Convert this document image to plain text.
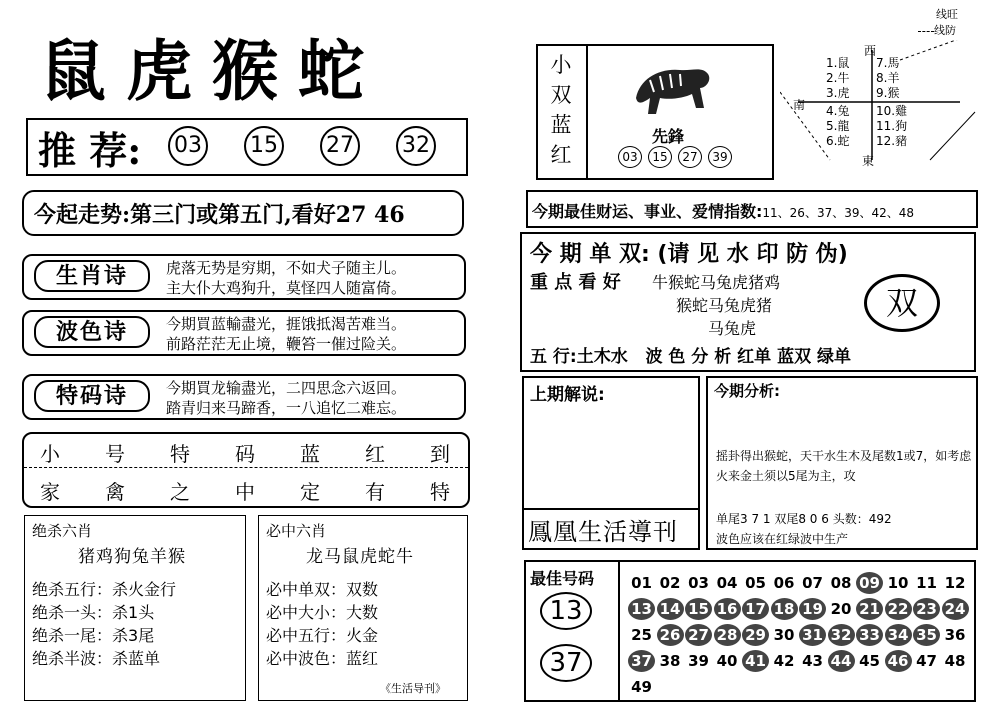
鼠虎猴蛇
推 荐: 03 15 27 32
今起走势:第三门或第五门,看好27 46
生肖诗	虎落无势是穷期，不如犬子随主儿。
主大仆大鸡狗升，莫怪四人随富倚。
波色诗	今期買蓝輸盡光，捱饿抵渴苦难当。
前路茫茫无止境，鞭笞一催过险关。
特码诗	今期買龙输盡光，二四思念六返回。
踏青归来马蹄香，一八追忆二难忘。
小 号 特 码 蓝 红 到
家 禽 之 中 定 有 特
绝杀六肖
猪鸡狗兔羊猴
绝杀五行：杀火金行
绝杀一头：杀1头
绝杀一尾：杀3尾
绝杀半波：杀蓝单
必中六肖
龙马鼠虎蛇牛
必中单双：双数
必中大小：大数
必中五行：火金
必中波色：蓝红
《生活导刊》
线旺
线防
小
双
蓝
红
先鋒
03	15	27	39
西
南
東
1.鼠
2.牛
3.虎
7.馬
8.羊
9.猴
4.兔
5.龍
6.蛇
10.雞
11.狗
12.豬
今期最佳财运、事业、爱情指数:11、26、37、39、42、48
今 期 单 双: (请 见 水 印 防 伪)
重 点 看 好 牛猴蛇马兔虎猪鸡
猴蛇马兔虎猪
马兔虎
双
五 行:土木水   波 色 分 析 红单 蓝双 绿单
上期解说:
鳳凰生活導刊
今期分析:
摇卦得出猴蛇，天干水生木及尾数1或7，如考虑火来金土须以5尾为主，攻
单尾3 7 1 双尾8 0 6 头数：492
波色应该在红绿波中生产
最佳号码
13
37
01 02 03 04 05 06 07 08 09 10 11 12
13 14 15 16 17 18 19 20 21 22 23 24
25 26 27 28 29 30 31 32 33 34 35 36
37 38 39 40 41 42 43 44 45 46 47 48
49
